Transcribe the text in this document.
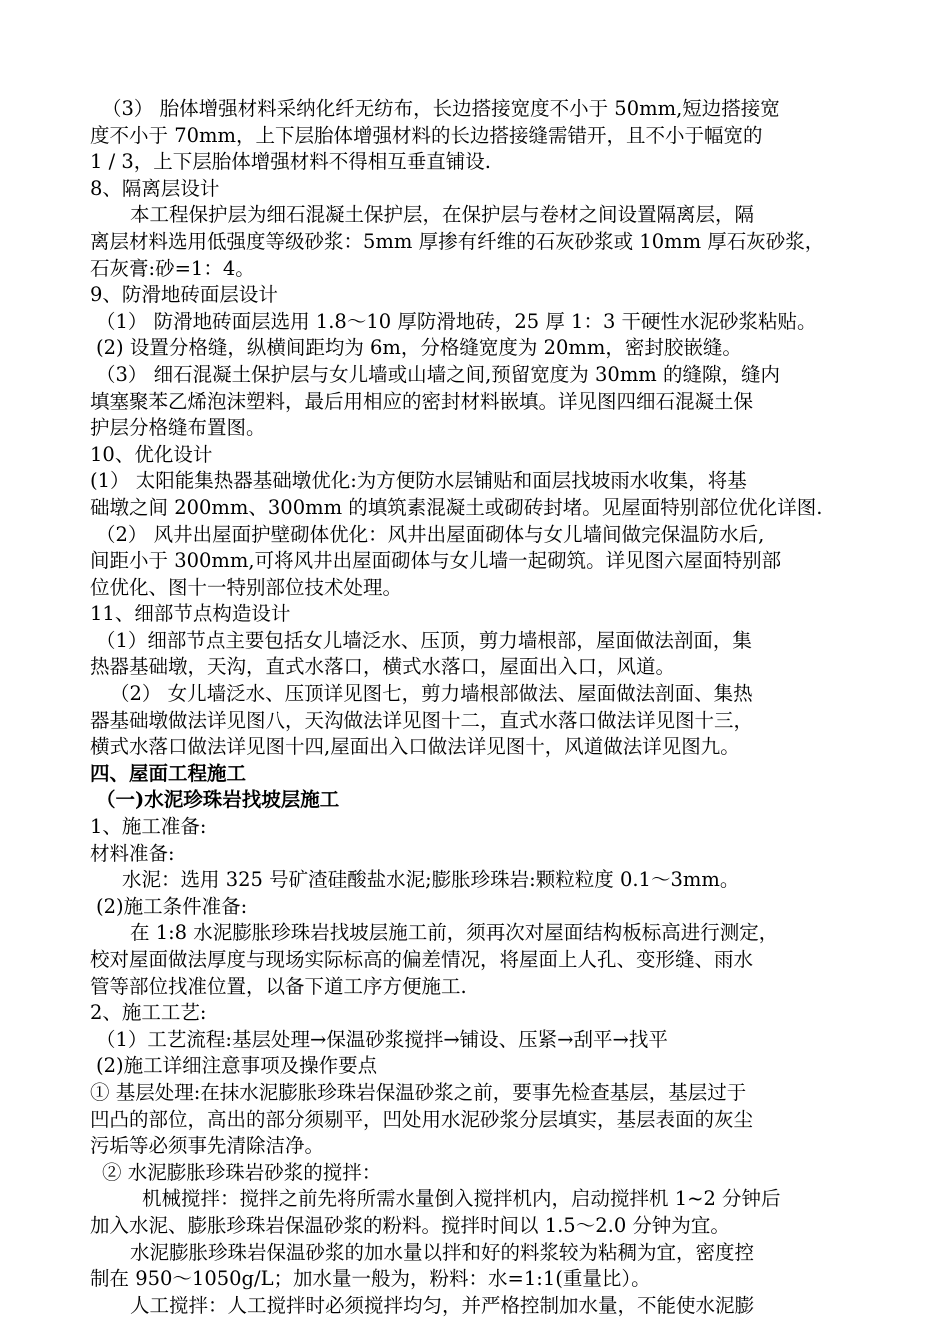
（3） 胎体增强材料采纳化纤无纺布，长边搭接宽度不小于 50mm,短边搭接宽
度不小于 70mm，上下层胎体增强材料的长边搭接缝需错开，且不小于幅宽的
1 / 3，上下层胎体增强材料不得相互垂直铺设.
8、隔离层设计
本工程保护层为细石混凝土保护层，在保护层与卷材之间设置隔离层，隔
离层材料选用低强度等级砂浆：5mm 厚掺有纤维的石灰砂浆或 10mm 厚石灰砂浆，
石灰膏:砂=1：4。
9、防滑地砖面层设计
（1） 防滑地砖面层选用 1.8～10 厚防滑地砖，25 厚 1：3 干硬性水泥砂浆粘贴。
(2) 设置分格缝，纵横间距均为 6m，分格缝宽度为 20mm，密封胶嵌缝。
（3） 细石混凝土保护层与女儿墙或山墙之间,预留宽度为 30mm 的缝隙，缝内
填塞聚苯乙烯泡沫塑料，最后用相应的密封材料嵌填。详见图四细石混凝土保
护层分格缝布置图。
10、优化设计
(1） 太阳能集热器基础墩优化:为方便防水层铺贴和面层找坡雨水收集，将基
础墩之间 200mm、300mm 的填筑素混凝土或砌砖封堵。见屋面特别部位优化详图.
（2） 风井出屋面护壁砌体优化：风井出屋面砌体与女儿墙间做完保温防水后,
间距小于 300mm,可将风井出屋面砌体与女儿墙一起砌筑。详见图六屋面特别部
位优化、图十一特别部位技术处理。
11、细部节点构造设计
（1）细部节点主要包括女儿墙泛水、压顶，剪力墙根部，屋面做法剖面，集
热器基础墩，天沟，直式水落口，横式水落口，屋面出入口，风道。
（2） 女儿墙泛水、压顶详见图七，剪力墙根部做法、屋面做法剖面、集热
器基础墩做法详见图八，天沟做法详见图十二，直式水落口做法详见图十三，
横式水落口做法详见图十四,屋面出入口做法详见图十，风道做法详见图九。
四、屋面工程施工
（一)水泥珍珠岩找坡层施工
1、施工准备:
材料准备:
水泥：选用 325 号矿渣硅酸盐水泥;膨胀珍珠岩:颗粒粒度 0.1～3mm。
(2)施工条件准备:
在 1:8 水泥膨胀珍珠岩找坡层施工前，须再次对屋面结构板标高进行测定，
校对屋面做法厚度与现场实际标高的偏差情况，将屋面上人孔、变形缝、雨水
管等部位找准位置，以备下道工序方便施工.
2、施工工艺:
（1）工艺流程:基层处理→保温砂浆搅拌→铺设、压紧→刮平→找平
(2)施工详细注意事项及操作要点
① 基层处理:在抹水泥膨胀珍珠岩保温砂浆之前，要事先检查基层，基层过于
凹凸的部位，高出的部分须剔平，凹处用水泥砂浆分层填实，基层表面的灰尘
污垢等必须事先清除洁净。
② 水泥膨胀珍珠岩砂浆的搅拌：
机械搅拌：搅拌之前先将所需水量倒入搅拌机内，启动搅拌机 1~2 分钟后
加入水泥、膨胀珍珠岩保温砂浆的粉料。搅拌时间以 1.5～2.0 分钟为宜。
水泥膨胀珍珠岩保温砂浆的加水量以拌和好的料浆较为粘稠为宜，密度控
制在 950～1050g/L；加水量一般为，粉料：水=1:1(重量比）。
人工搅拌：人工搅拌时必须搅拌均匀，并严格控制加水量，不能使水泥膨
